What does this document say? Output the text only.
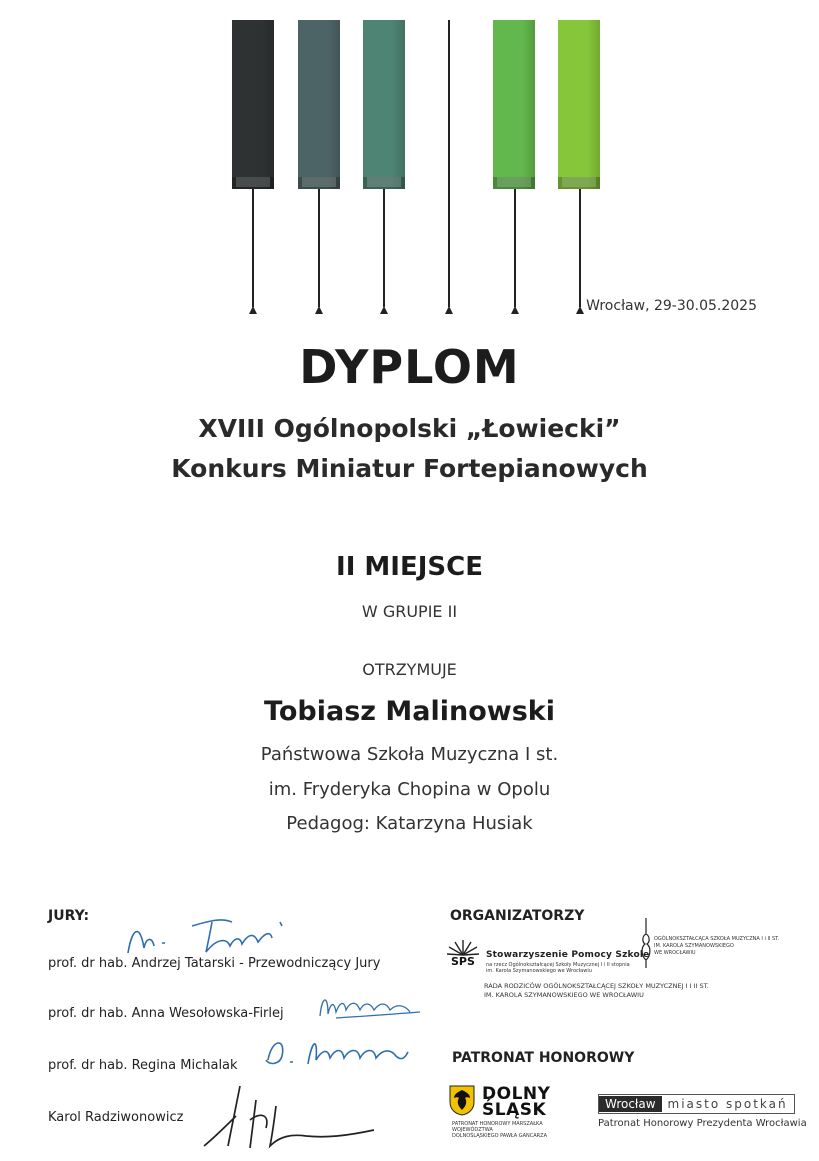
Wrocław, 29-30.05.2025
DYPLOM
XVIII Ogólnopolski „Łowiecki”
Konkurs Miniatur Fortepianowych
II MIEJSCE
W GRUPIE II
OTRZYMUJE
Tobiasz Malinowski
Państwowa Szkoła Muzyczna I st.
im. Fryderyka Chopina w Opolu
Pedagog: Katarzyna Husiak
JURY:
prof. dr hab. Andrzej Tatarski - Przewodniczący Jury
prof. dr hab. Anna Wesołowska-Firlej
prof. dr hab. Regina Michalak
Karol Radziwonowicz
ORGANIZATORZY
SPS Stowarzyszenie Pomocy Szkole
na rzecz Ogólnokształcącej Szkoły Muzycznej I i II stopnia im. Karola Szymanowskiego we Wrocławiu
OGÓLNOKSZTAŁCĄCA SZKOŁA MUZYCZNA I i II ST.
IM. KAROLA SZYMANOWSKIEGO
WE WROCŁAWIU
RADA RODZICÓW OGÓLNOKSZTAŁCĄCEJ SZKOŁY MUZYCZNEJ I I II ST.
IM. KAROLA SZYMANOWSKIEGO WE WROCŁAWIU
PATRONAT HONOROWY
DOLNY
ŚLĄSK
PATRONAT HONOROWY MARSZAŁKA WOJEWÓDZTWA
DOLNOŚLĄSKIEGO PAWŁA GANCARZA
Wrocław	miasto spotkań
Patronat Honorowy Prezydenta Wrocławia
